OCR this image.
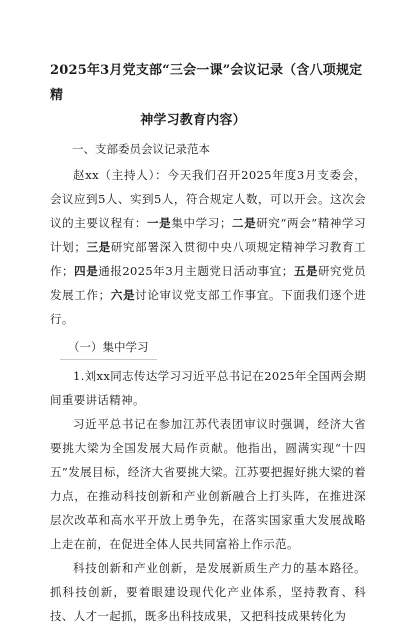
2025年3月党支部“三会一课”会议记录（含八项规定精
神学习教育内容）
一、支部委员会议记录范本

赵xx（主持人）：今天我们召开2025年度3月支委会，会议应到5人、实到5人，符合规定人数，可以开会。这次会议的主要议程有：一是集中学习；二是研究“两会”精神学习计划；三是研究部署深入贯彻中央八项规定精神学习教育工作；四是通报2025年3月主题党日活动事宜；五是研究党员发展工作；六是讨论审议党支部工作事宜。下面我们逐个进行。

（一）集中学习

1.刘xx同志传达学习习近平总书记在2025年全国两会期间重要讲话精神。

习近平总书记在参加江苏代表团审议时强调，经济大省要挑大梁为全国发展大局作贡献。他指出，圆满实现“十四五”发展目标，经济大省要挑大梁。江苏要把握好挑大梁的着力点，在推动科技创新和产业创新融合上打头阵，在推进深层次改革和高水平开放上勇争先，在落实国家重大发展战略上走在前，在促进全体人民共同富裕上作示范。

科技创新和产业创新，是发展新质生产力的基本路径。抓科技创新，要着眼建设现代化产业体系，坚持教育、科技、人才一起抓，既多出科技成果，又把科技成果转化为
